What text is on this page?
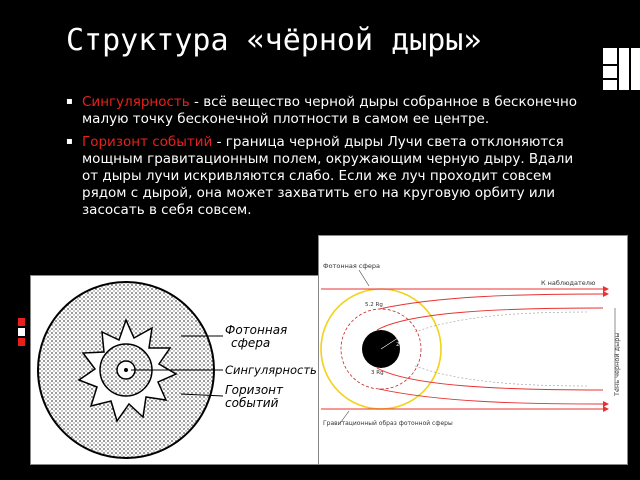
Структура «чёрной дыры»
▪ Сингулярность - всё вещество черной дыры собранное в бесконечно малую точку бесконечной плотности в самом ее центре.
▪ Горизонт событий - граница черной дыры Лучи света отклоняются мощным гравитационным полем, окружающим черную дыру. Вдали от дыры лучи искривляются слабо. Если же луч проходит совсем рядом с дырой, она может захватить его на круговую орбиту или засосать в себя совсем.
Фотонная сфера
Сингулярность
Горизонт событий
Фотонная сфера
2 Rg
5.2 Rg
3 Rg
К наблюдателю
Тень черной дыры
Гравитационный образ фотонной сферы
